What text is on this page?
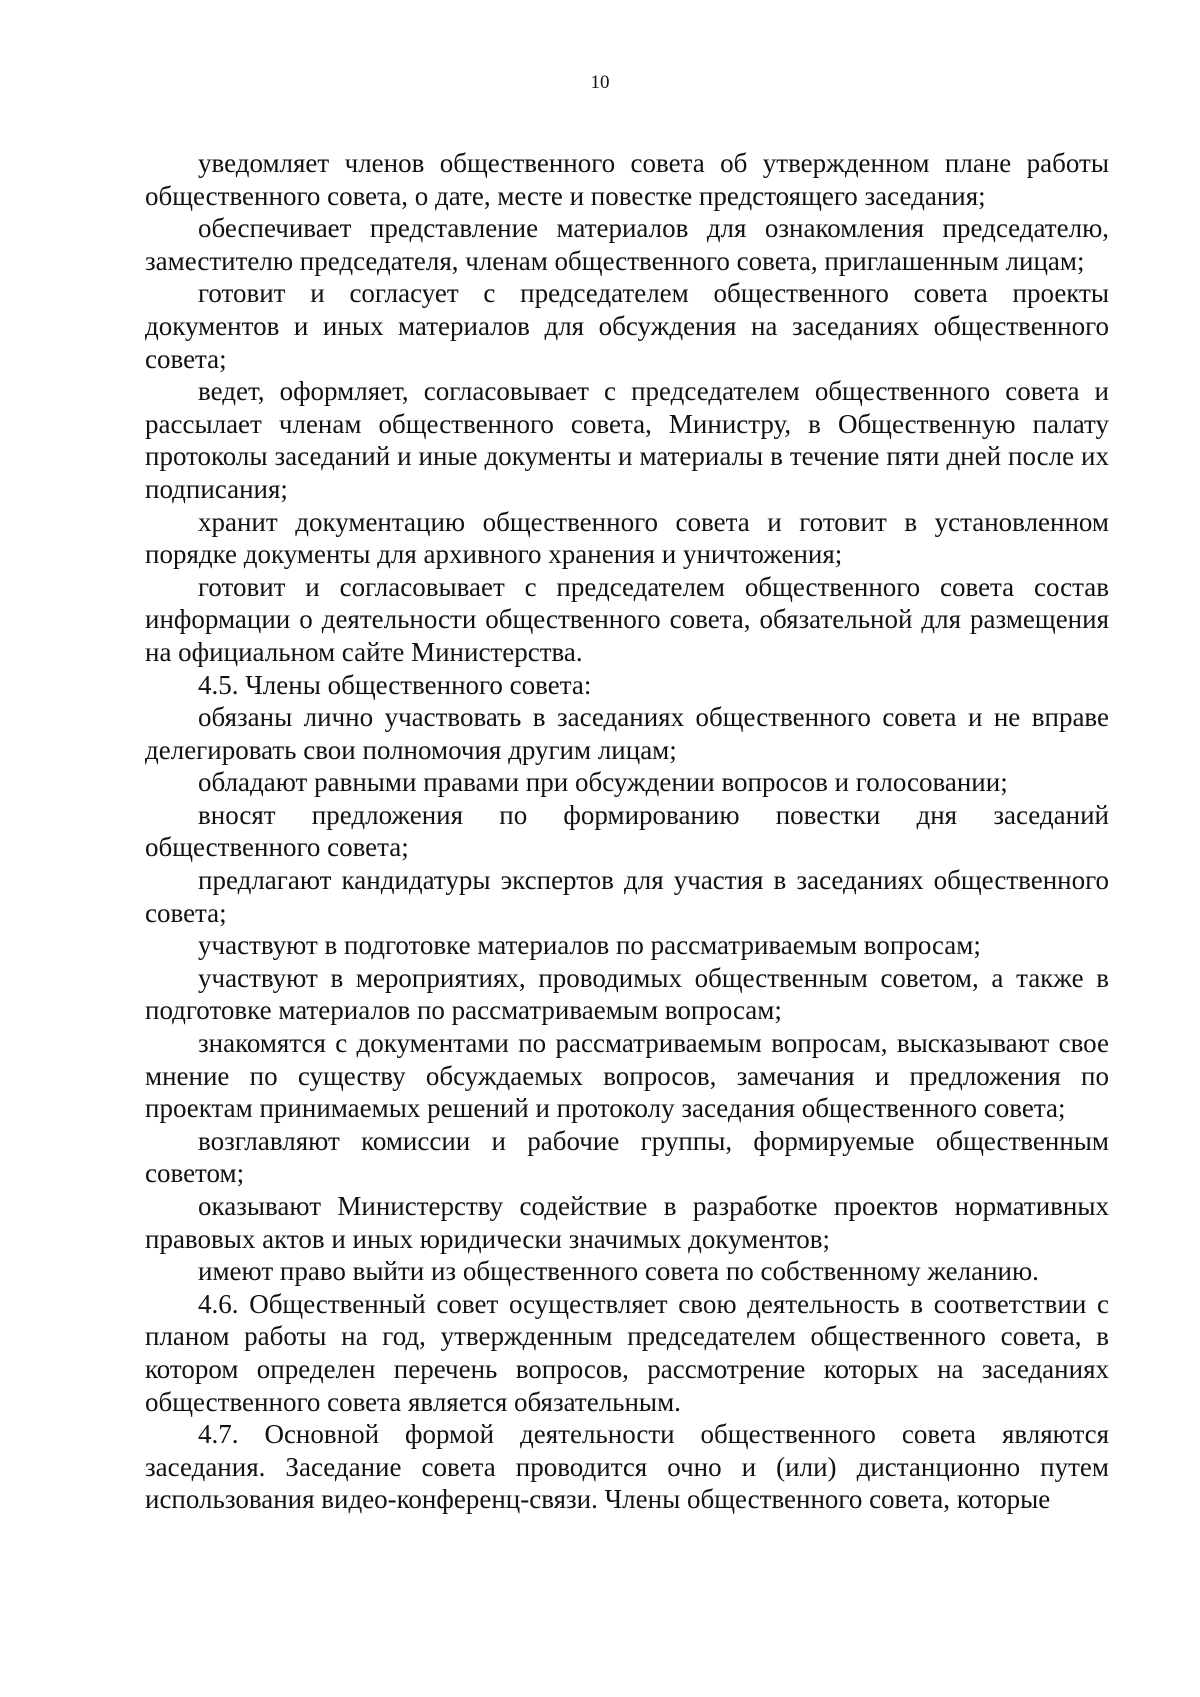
10

уведомляет членов общественного совета об утвержденном плане работы общественного совета, о дате, месте и повестке предстоящего заседания;

обеспечивает представление материалов для ознакомления председателю, заместителю председателя, членам общественного совета, приглашенным лицам;

готовит и согласует с председателем общественного совета проекты документов и иных материалов для обсуждения на заседаниях общественного совета;

ведет, оформляет, согласовывает с председателем общественного совета и рассылает членам общественного совета, Министру, в Общественную палату протоколы заседаний и иные документы и материалы в течение пяти дней после их подписания;

хранит документацию общественного совета и готовит в установленном порядке документы для архивного хранения и уничтожения;

готовит и согласовывает с председателем общественного совета состав информации о деятельности общественного совета, обязательной для размещения на официальном сайте Министерства.

4.5. Члены общественного совета:

обязаны лично участвовать в заседаниях общественного совета и не вправе делегировать свои полномочия другим лицам;

обладают равными правами при обсуждении вопросов и голосовании;

вносят предложения по формированию повестки дня заседаний общественного совета;

предлагают кандидатуры экспертов для участия в заседаниях общественного совета;

участвуют в подготовке материалов по рассматриваемым вопросам;

участвуют в мероприятиях, проводимых общественным советом, а также в подготовке материалов по рассматриваемым вопросам;

знакомятся с документами по рассматриваемым вопросам, высказывают свое мнение по существу обсуждаемых вопросов, замечания и предложения по проектам принимаемых решений и протоколу заседания общественного совета;

возглавляют комиссии и рабочие группы, формируемые общественным советом;

оказывают Министерству содействие в разработке проектов нормативных правовых актов и иных юридически значимых документов;

имеют право выйти из общественного совета по собственному желанию.

4.6. Общественный совет осуществляет свою деятельность в соответствии с планом работы на год, утвержденным председателем общественного совета, в котором определен перечень вопросов, рассмотрение которых на заседаниях общественного совета является обязательным.

4.7. Основной формой деятельности общественного совета являются заседания. Заседание совета проводится очно и (или) дистанционно путем использования видео-конференц-связи. Члены общественного совета, которые
